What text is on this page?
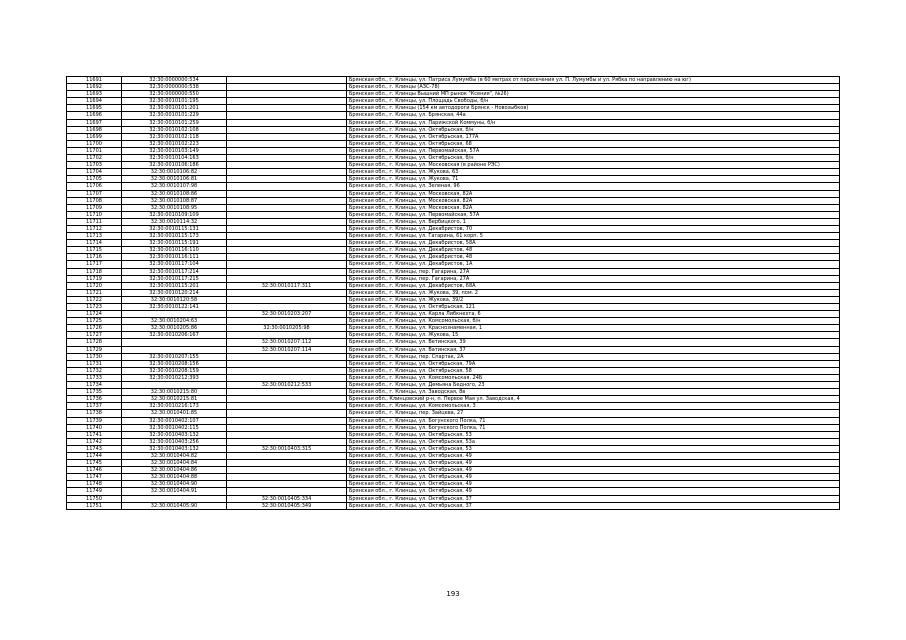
11691	32:30:0000000:534		Брянская обл., г. Клинцы, ул. Патриса Лумумбы (в 60 метрах от пересечения ул. П. Лумумбы и ул. Рябка по направлению на юг)
11692	32:30:0000000:538		Брянская обл., г. Клинцы (АЗС-78)
11693	32:30:0000000:550		Брянская обл., г. Клинцы Вышний МП рынок "Ксения", №26)
11694	32:30:0010101:195		Брянская обл., г. Клинцы, ул. Площадь Свободы, б/н
11695	32:30:0010101:201		Брянская обл., г. Клинцы (154 км автодороги Брянск - Новозыбков)
11696	32:30:0010101:229		Брянская обл., г. Клинцы, ул. Брянская, 44а
11697	32:30:0010101:259		Брянская обл., г. Клинцы, ул. Парижской Коммуны, б/н
11698	32:30:0010102:108		Брянская обл., г. Клинцы, ул. Октябрьская, б/н
11699	32:30:0010102:118		Брянская обл., г. Клинцы, ул. Октябрьская, 177А
11700	32:30:0010102:223		Брянская обл., г. Клинцы, ул. Октябрьская, 68
11701	32:30:0010103:149		Брянская обл., г. Клинцы, ул. Первомайская, 57А
11702	32:30:0010104:163		Брянская обл., г. Клинцы, ул. Октябрьская, б/н
11703	32:30:0010106:186		Брянская обл., г. Клинцы, ул. Московская (в районе РЭС)
11704	32:30:0010106:82		Брянская обл., г. Клинцы, ул. Жукова, 63
11705	32:30:0010106:81		Брянская обл., г. Клинцы, ул. Жукова, 71
11706	32:30:0010107:98		Брянская обл., г. Клинцы, ул. Зеленая, 96
11707	32:30:0010108:86		Брянская обл., г. Клинцы, ул. Московская, 82А
11708	32:30:0010108:87		Брянская обл., г. Клинцы, ул. Московская, 82А
11709	32:30:0010108:95		Брянская обл., г. Клинцы, ул. Московская, 82А
11710	32:30:0010109:109		Брянская обл., г. Клинцы, ул. Первомайская, 57А
11711	32:30:0010114:32		Брянская обл., г. Клинцы, ул. Вербицкого, 1
11712	32:30:0010115:131		Брянская обл., г. Клинцы, ул. Декабристов, 70
11713	32:30:0010115:173		Брянская обл., г. Клинцы, ул. Гагарина, 61 корп. 5
11714	32:30:0010115:191		Брянская обл., г. Клинцы, ул. Декабристов, 58А
11715	32:30:0010116:110		Брянская обл., г. Клинцы, ул. Декабристов, 48
11716	32:30:0010116:111		Брянская обл., г. Клинцы, ул. Декабристов, 48
11717	32:30:0010117:104		Брянская обл., г. Клинцы, ул. Декабристов, 1А
11718	32:30:0010117:214		Брянская обл., г. Клинцы, пер. Гагарина, 27А
11719	32:30:0010117:215		Брянская обл., г. Клинцы, пер. Гагарина, 27А
11720	32:30:0010115:201	32:30:0010117:311	Брянская обл., г. Клинцы, ул. Декабристов, 68А
11721	32:30:0010120:214		Брянская обл., г. Клинцы, ул. Жукова, 39, пом. 2
11722	32:30:0010120:58		Брянская обл., г. Клинцы, ул. Жукова, 39/2
11723	32:30:0010122:141		Брянская обл., г. Клинцы, ул. Октябрьская, 121
11724		32:30:0010203:207	Брянская обл., г. Клинцы, ул. Карла Либкнехта, 6
11725	32:30:0010204:63		Брянская обл., г. Клинцы, ул. Комсомольская, б/н
11726	32:30:0010205:86	32:30:0010205:98	Брянская обл., г. Клинцы, ул. Краснознаменная, 1
11727	32:30:0010206:167		Брянская обл., г. Клинцы, ул. Жукова, 15
11728		32:30:0010207:112	Брянская обл., г. Клинцы, ул. Ветинская, 39
11729		32:30:0010207:114	Брянская обл., г. Клинцы, ул. Ватинская, 37
11730	32:30:0010207:155		Брянская обл., г. Клинцы, пер. Спартак, 2А
11731	32:30:0010208:156		Брянская обл., г. Клинцы, ул. Октябрьская, 79А
11732	32:30:0010208:159		Брянская обл., г. Клинцы, ул. Октябрьская, 58
11733	32:30:0010212:393		Брянская обл., г. Клинцы, ул. Комсомольская, 24Б
11734		32:30:0010212:533	Брянская обл., г. Клинцы, ул. Демьяна Бедного, 23
11735	32:30:0010215:80		Брянская обл., г. Клинцы, ул. Заводская, 8в
11736	32:30:0010215:81		Брянская обл., Клинцовский р-н, п. Первое Мая ул. Заводская, 4
11737	32:30:0010216:173		Брянская обл., г. Клинцы, ул. Комсомольская, 3
11738	32:30:0010401:85		Брянская обл., г. Клинцы, пер. Зайцева, 27
11739	32:30:0010402:107		Брянская обл., г. Клинцы, ул. Богунского Полка, 71
11740	32:30:0010402:115		Брянская обл., г. Клинцы, ул. Богунского Полка, 71
11741	32:30:0010403:132		Брянская обл., г. Клинцы, ул. Октябрьская, 53
11742	32:30:0010403:256		Брянская обл., г. Клинцы, ул. Октябрьская, 53а
11743	32:30:0010403:132	32:30:0010403:315	Брянская обл., г. Клинцы, ул. Октябрьская, 53
11744	32:30:0010404:82		Брянская обл., г. Клинцы, ул. Октябрьская, 49
11745	32:30:0010404:84		Брянская обл., г. Клинцы, ул. Октябрьская, 49
11746	32:30:0010404:86		Брянская обл., г. Клинцы, ул. Октябрьская, 49
11747	32:30:0010404:88		Брянская обл., г. Клинцы, ул. Октябрьская, 49
11748	32:30:0010404:90		Брянская обл., г. Клинцы, ул. Октябрьская, 49
11749	32:30:0010404:91		Брянская обл., г. Клинцы, ул. Октябрьская, 49
11750		32:30:0010405:334	Брянская обл., г. Клинцы, ул. Октябрьская, 37
11751	32:30:0010405:90	32:30:0010405:349	Брянская обл., г. Клинцы, ул. Октябрьская, 37
193
